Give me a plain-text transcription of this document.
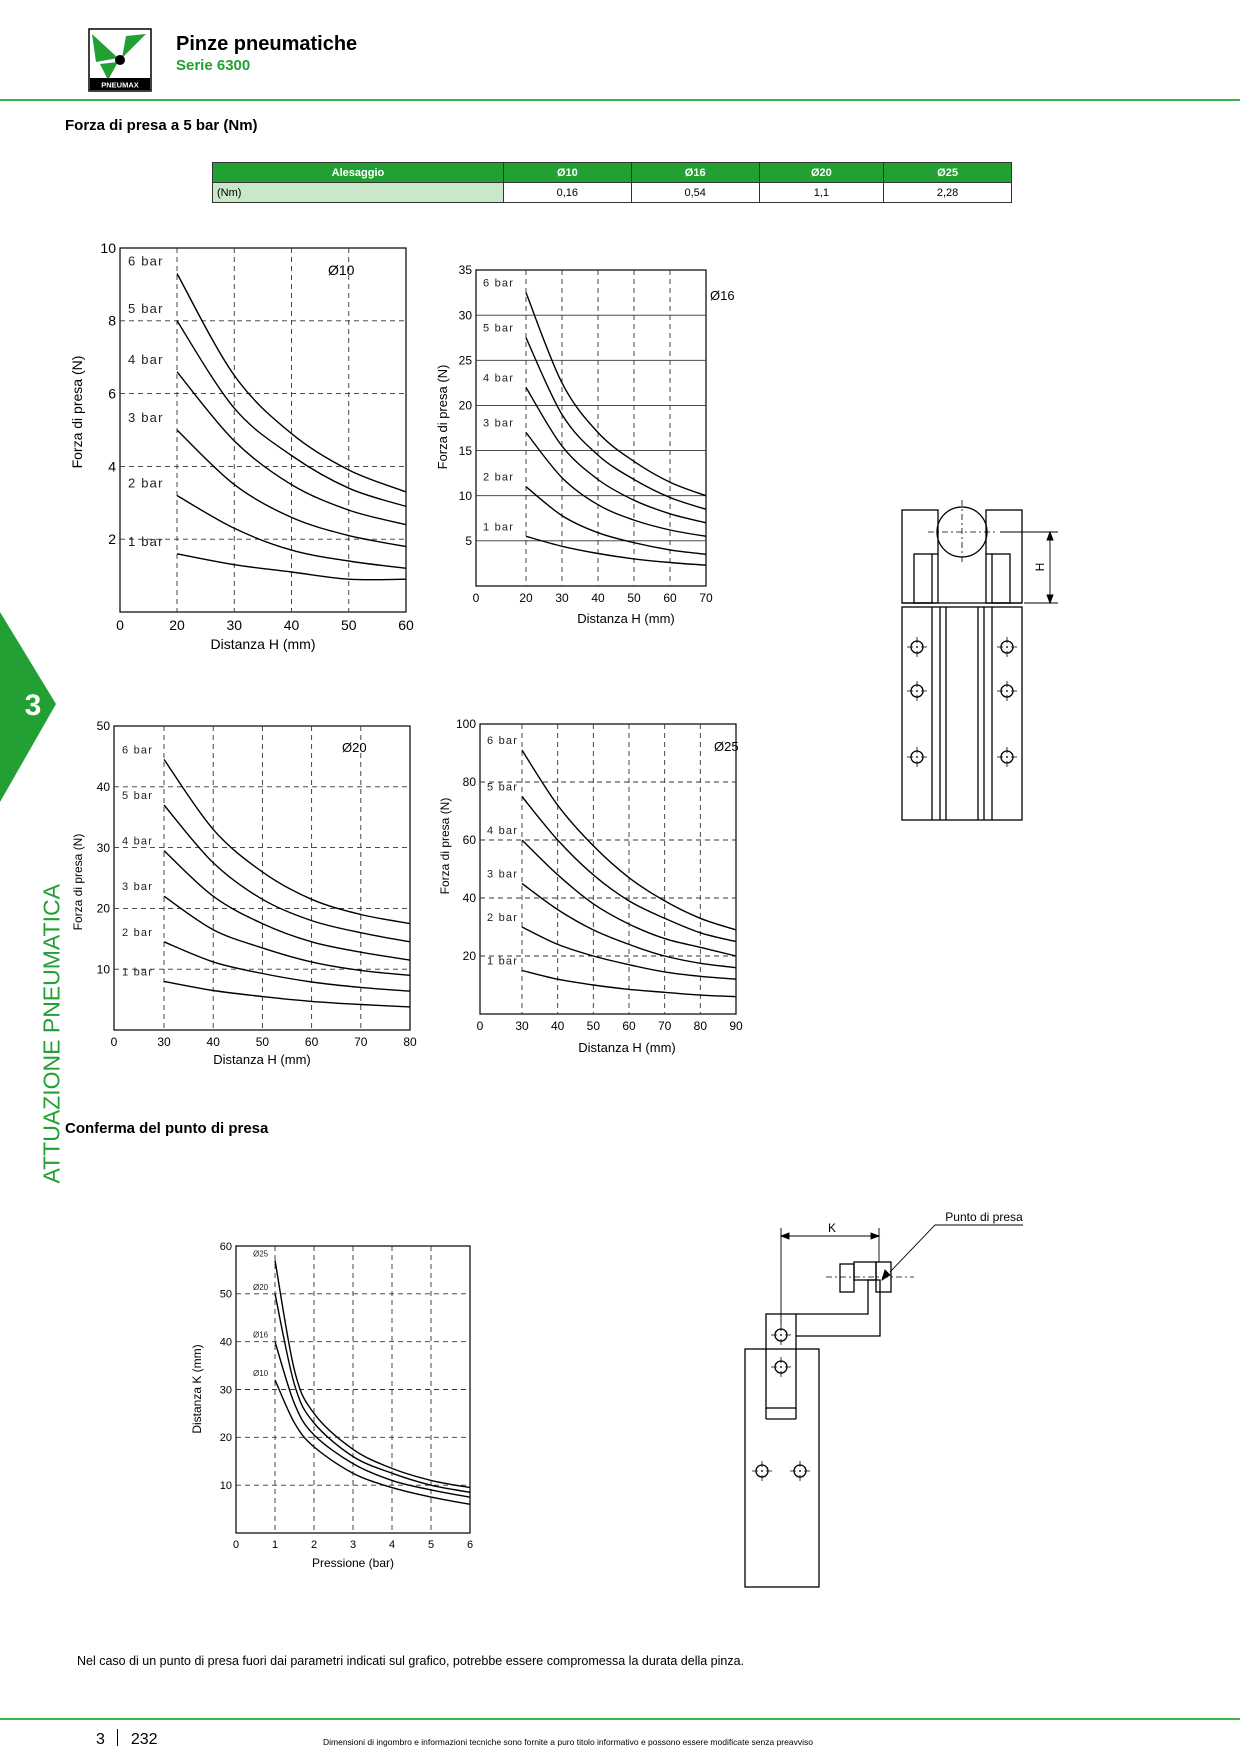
PNEUMAX
Pinze pneumatiche
Serie 6300
Forza di presa a 5 bar (Nm)
Alesaggio	Ø10	Ø16	Ø20	Ø25
(Nm)	0,16	0,54	1,1	2,28
0	20	30	40	50	60
2
4
6
8
10
6 bar
5 bar
4 bar
3 bar
2 bar
1 bar
Ø10
Distanza H (mm)
Forza di presa (N)
0	20 30 40 50 60 70
5
10
15
20
25
30
35
6 bar
5 bar
4 bar
3 bar
2 bar
1 bar
Ø16
Distanza H (mm)
Forza di presa (N)
0	30	40	50	60	70	80
10
20
30
40
50
6 bar
5 bar
4 bar
3 bar
2 bar
1 bar
Ø20
Distanza H (mm)
Forza di presa (N)
0	30 40 50 60 70 80 90
20
40
60
80
100
6 bar
5 bar
4 bar
3 bar
2 bar
1 bar
Ø25
Distanza H (mm)
Forza di presa (N)
0	1	2	3	4	5	6
10
20
30
40
50
60
Ø25
Ø20
Ø16
Ø10
Pressione (bar)
Distanza K (mm)
H
K
Punto di presa
Conferma del punto di presa
Nel caso di un punto di presa fuori dai parametri indicati sul grafico, potrebbe essere compromessa la durata della pinza.
3
ATTUAZIONE PNEUMATICA
3 232	Dimensioni di ingombro e informazioni tecniche sono fornite a puro titolo informativo e possono essere modificate senza preavviso
